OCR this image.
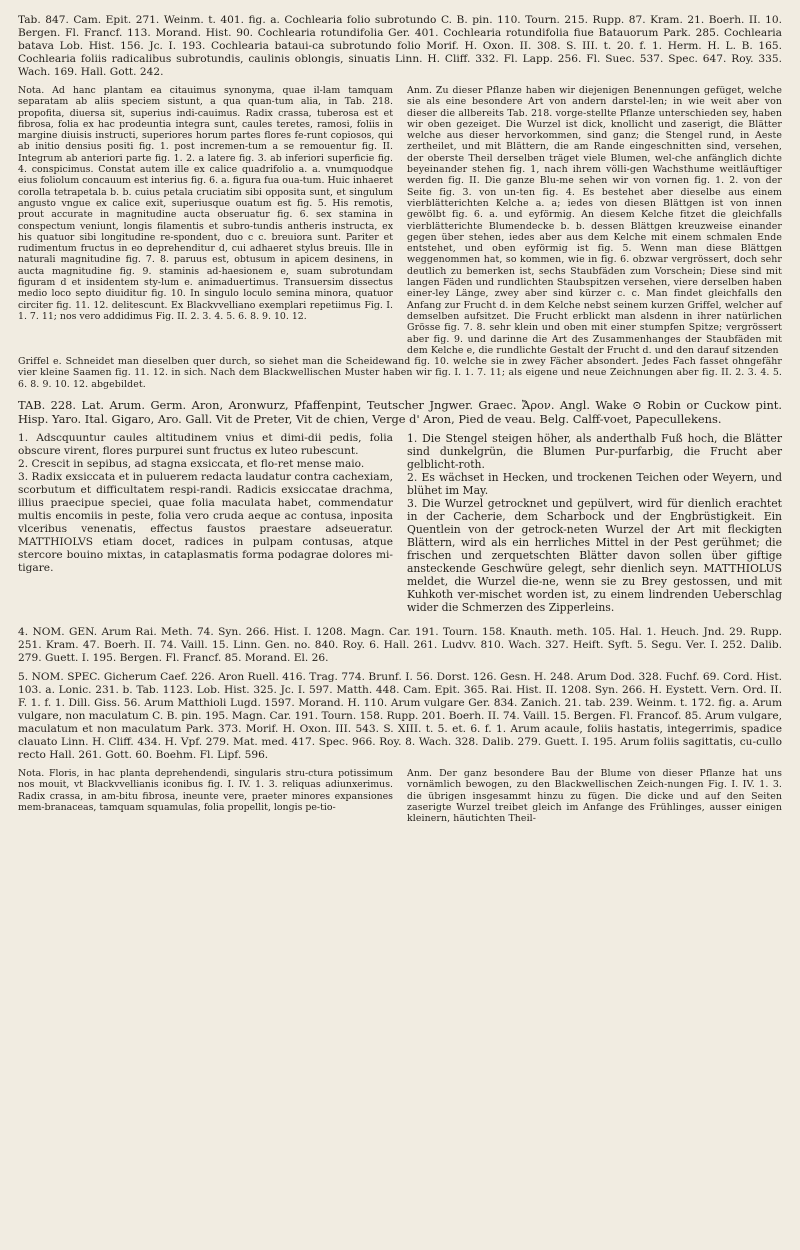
Tab. 847. Cam. Epit. 271. Weinm. t. 401. fig. a. Cochlearia folio subrotundo C. B. pin. 110. Tourn. 215. Rupp. 87. Kram. 21. Boerh. II. 10. Bergen. Fl. Francf. 113. Morand. Hist. 90. Cochlearia rotundifolia Ger. 401. Cochlearia rotundifolia fiue Batauorum Park. 285. Cochlearia batava Lob. Hist. 156. Jc. I. 193. Cochlearia bataui-ca subrotundo folio Morif. H. Oxon. II. 308. S. III. t. 20. f. 1. Herm. H. L. B. 165. Cochlearia foliis radicalibus subrotundis, caulinis oblongis, sinuatis Linn. H. Cliff. 332. Fl. Lapp. 256. Fl. Suec. 537. Spec. 647. Roy. 335. Wach. 169. Hall. Gott. 242.

Nota. Ad hanc plantam ea citauimus synonyma, quae il-lam tamquam separatam ab aliis speciem sistunt, a qua quan-tum alia, in Tab. 218. propofita, diuersa sit, superius indi-cauimus. Radix crassa, tuberosa est et fibrosa, folia ex hac prodeuntia integra sunt, caules teretes, ramosi, foliis in margine diuisis instructi, superiores horum partes flores fe-runt copiosos, qui ab initio densius positi fig. 1. post incremen-tum a se remouentur fig. II. Integrum ab anteriori parte fig. 1. 2. a latere fig. 3. ab inferiori superficie fig. 4. conspicimus. Constat autem ille ex calice quadrifolio a. a. vnumquodque eius foliolum concauum est interius fig. 6. a. figura fua oua-tum. Huic inhaeret corolla tetrapetala b. b. cuius petala cruciatim sibi opposita sunt, et singulum angusto vngue ex calice exit, superiusque ouatum est fig. 5. His remotis, prout accurate in magnitudine aucta obseruatur fig. 6. sex stamina in conspectum veniunt, longis filamentis et subro-tundis antheris instructa, ex his quatuor sibi longitudine re-spondent, duo c c. breuiora sunt. Pariter et rudimentum fructus in eo deprehenditur d, cui adhaeret stylus breuis. Ille in naturali magnitudine fig. 7. 8. paruus est, obtusum in apicem desinens, in aucta magnitudine fig. 9. staminis ad-haesionem e, suam subrotundam figuram d et insidentem sty-lum e. animaduertimus. Transuersim dissectus medio loco septo diuiditur fig. 10. In singulo loculo semina minora, quatuor circiter fig. 11. 12. delitescunt. Ex Blackvvelliano exemplari repetiimus Fig. I. 1. 7. 11; nos vero addidimus Fig. II. 2. 3. 4. 5. 6. 8. 9. 10. 12.

Anm. Zu dieser Pflanze haben wir diejenigen Benennungen gefüget, welche sie als eine besondere Art von andern darstel-len; in wie weit aber von dieser die allbereits Tab. 218. vorge-stellte Pflanze unterschieden sey, haben wir oben gezeiget. Die Wurzel ist dick, knollicht und zaserigt, die Blätter welche aus dieser hervorkommen, sind ganz; die Stengel rund, in Aeste zertheilet, und mit Blättern, die am Rande eingeschnitten sind, versehen, der oberste Theil derselben träget viele Blumen, wel-che anfänglich dichte beyeinander stehen fig. 1, nach ihrem völli-gen Wachsthume weitläuftiger werden fig. II. Die ganze Blu-me sehen wir von vornen fig. 1. 2. von der Seite fig. 3. von un-ten fig. 4. Es bestehet aber dieselbe aus einem vierblätterichten Kelche a. a; iedes von diesen Blättgen ist von innen gewölbt fig. 6. a. und eyförmig. An diesem Kelche fitzet die gleichfalls vierblätterichte Blumendecke b. b. dessen Blättgen kreuzweise einander gegen über stehen, iedes aber aus dem Kelche mit einem schmalen Ende entstehet, und oben eyförmig ist fig. 5. Wenn man diese Blättgen weggenommen hat, so kommen, wie in fig. 6. obzwar vergrössert, doch sehr deutlich zu bemerken ist, sechs Staubfäden zum Vorschein; Diese sind mit langen Fäden und rundlichten Staubspitzen versehen, viere derselben haben einer-ley Länge, zwey aber sind kürzer c. c. Man findet gleichfalls den Anfang zur Frucht d. in dem Kelche nebst seinem kurzen Griffel, welcher auf demselben aufsitzet. Die Frucht erblickt man alsdenn in ihrer natürlichen Grösse fig. 7. 8. sehr klein und oben mit einer stumpfen Spitze; vergrössert aber fig. 9. und darinne die Art des Zusammenhanges der Staubfäden mit dem Kelche e, die rundlichte Gestalt der Frucht d. und den darauf sitzenden

Griffel e. Schneidet man dieselben quer durch, so siehet man die Scheidewand fig. 10. welche sie in zwey Fächer absondert. Jedes Fach fasset ohngefähr vier kleine Saamen fig. 11. 12. in sich. Nach dem Blackwellischen Muster haben wir fig. I. 1. 7. 11; als eigene und neue Zeichnungen aber fig. II. 2. 3. 4. 5. 6. 8. 9. 10. 12. abgebildet.

TAB. 228. Lat. Arum. Germ. Aron, Aronwurz, Pfaffenpint, Teutscher Jngwer. Graec. Ἄρον. Angl. Wake ⊙ Robin or Cuckow pint. Hisp. Yaro. Ital. Gigaro, Aro. Gall. Vit de Preter, Vit de chien, Verge d' Aron, Pied de veau. Belg. Calff-voet, Papecullekens.

1. Adscquuntur caules altitudinem vnius et dimi-dii pedis, folia obscure virent, flores purpurei sunt fructus ex luteo rubescunt.

2. Crescit in sepibus, ad stagna exsiccata, et flo-ret mense maio.

3. Radix exsiccata et in puluerem redacta laudatur contra cachexiam, scorbutum et difficultatem respi-randi. Radicis exsiccatae drachma, illius praecipue speciei, quae folia maculata habet, commendatur multis encomiis in peste, folia vero cruda aeque ac contusa, inposita vlceribus venenatis, effectus faustos praestare adseueratur. MATTHIOLVS etiam docet, radices in pulpam contusas, atque stercore bouino mixtas, in cataplasmatis forma podagrae dolores mi-tigare.

1. Die Stengel steigen höher, als anderthalb Fuß hoch, die Blätter sind dunkelgrün, die Blumen Pur-purfarbig, die Frucht aber gelblicht-roth.

2. Es wächset in Hecken, und trockenen Teichen oder Weyern, und blühet im May.

3. Die Wurzel getrocknet und gepülvert, wird für dienlich erachtet in der Cacherie, dem Scharbock und der Engbrüstigkeit. Ein Quentlein von der getrock-neten Wurzel der Art mit fleckigten Blättern, wird als ein herrliches Mittel in der Pest gerühmet; die frischen und zerquetschten Blätter davon sollen über giftige ansteckende Geschwüre gelegt, sehr dienlich seyn. MATTHIOLUS meldet, die Wurzel die-ne, wenn sie zu Brey gestossen, und mit Kuhkoth ver-mischet worden ist, zu einem lindrenden Ueberschlag wider die Schmerzen des Zipperleins.

4. NOM. GEN. Arum Rai. Meth. 74. Syn. 266. Hist. I. 1208. Magn. Car. 191. Tourn. 158. Knauth. meth. 105. Hal. 1. Heuch. Jnd. 29. Rupp. 251. Kram. 47. Boerh. II. 74. Vaill. 15. Linn. Gen. no. 840. Roy. 6. Hall. 261. Ludvv. 810. Wach. 327. Heift. Syft. 5. Segu. Ver. I. 252. Dalib. 279. Guett. I. 195. Bergen. Fl. Francf. 85. Morand. El. 26.

5. NOM. SPEC. Gicherum Caef. 226. Aron Ruell. 416. Trag. 774. Brunf. I. 56. Dorst. 126. Gesn. H. 248. Arum Dod. 328. Fuchf. 69. Cord. Hist. 103. a. Lonic. 231. b. Tab. 1123. Lob. Hist. 325. Jc. I. 597. Matth. 448. Cam. Epit. 365. Rai. Hist. II. 1208. Syn. 266. H. Eystett. Vern. Ord. II. F. 1. f. 1. Dill. Giss. 56. Arum Matthioli Lugd. 1597. Morand. H. 110. Arum vulgare Ger. 834. Zanich. 21. tab. 239. Weinm. t. 172. fig. a. Arum vulgare, non maculatum C. B. pin. 195. Magn. Car. 191. Tourn. 158. Rupp. 201. Boerh. II. 74. Vaill. 15. Bergen. Fl. Francof. 85. Arum vulgare, maculatum et non maculatum Park. 373. Morif. H. Oxon. III. 543. S. XIII. t. 5. et. 6. f. 1. Arum acaule, foliis hastatis, integerrimis, spadice clauato Linn. H. Cliff. 434. H. Vpf. 279. Mat. med. 417. Spec. 966. Roy. 8. Wach. 328. Dalib. 279. Guett. I. 195. Arum foliis sagittatis, cu-cullo recto Hall. 261. Gott. 60. Boehm. Fl. Lipf. 596.

Nota. Floris, in hac planta deprehendendi, singularis stru-ctura potissimum nos mouit, vt Blackvvellianis iconibus fig. I. IV. 1. 3. reliquas adiunxerimus. Radix crassa, in am-bitu fibrosa, ineunte vere, praeter minores expansiones mem-branaceas, tamquam squamulas, folia propellit, longis pe-tio-

Anm. Der ganz besondere Bau der Blume von dieser Pflanze hat uns vornämlich bewogen, zu den Blackwellischen Zeich-nungen Fig. I. IV. 1. 3. die übrigen insgesammt hinzu zu fügen. Die dicke und auf den Seiten zaserigte Wurzel treibet gleich im Anfange des Frühlinges, ausser einigen kleinern, häutichten Theil-
